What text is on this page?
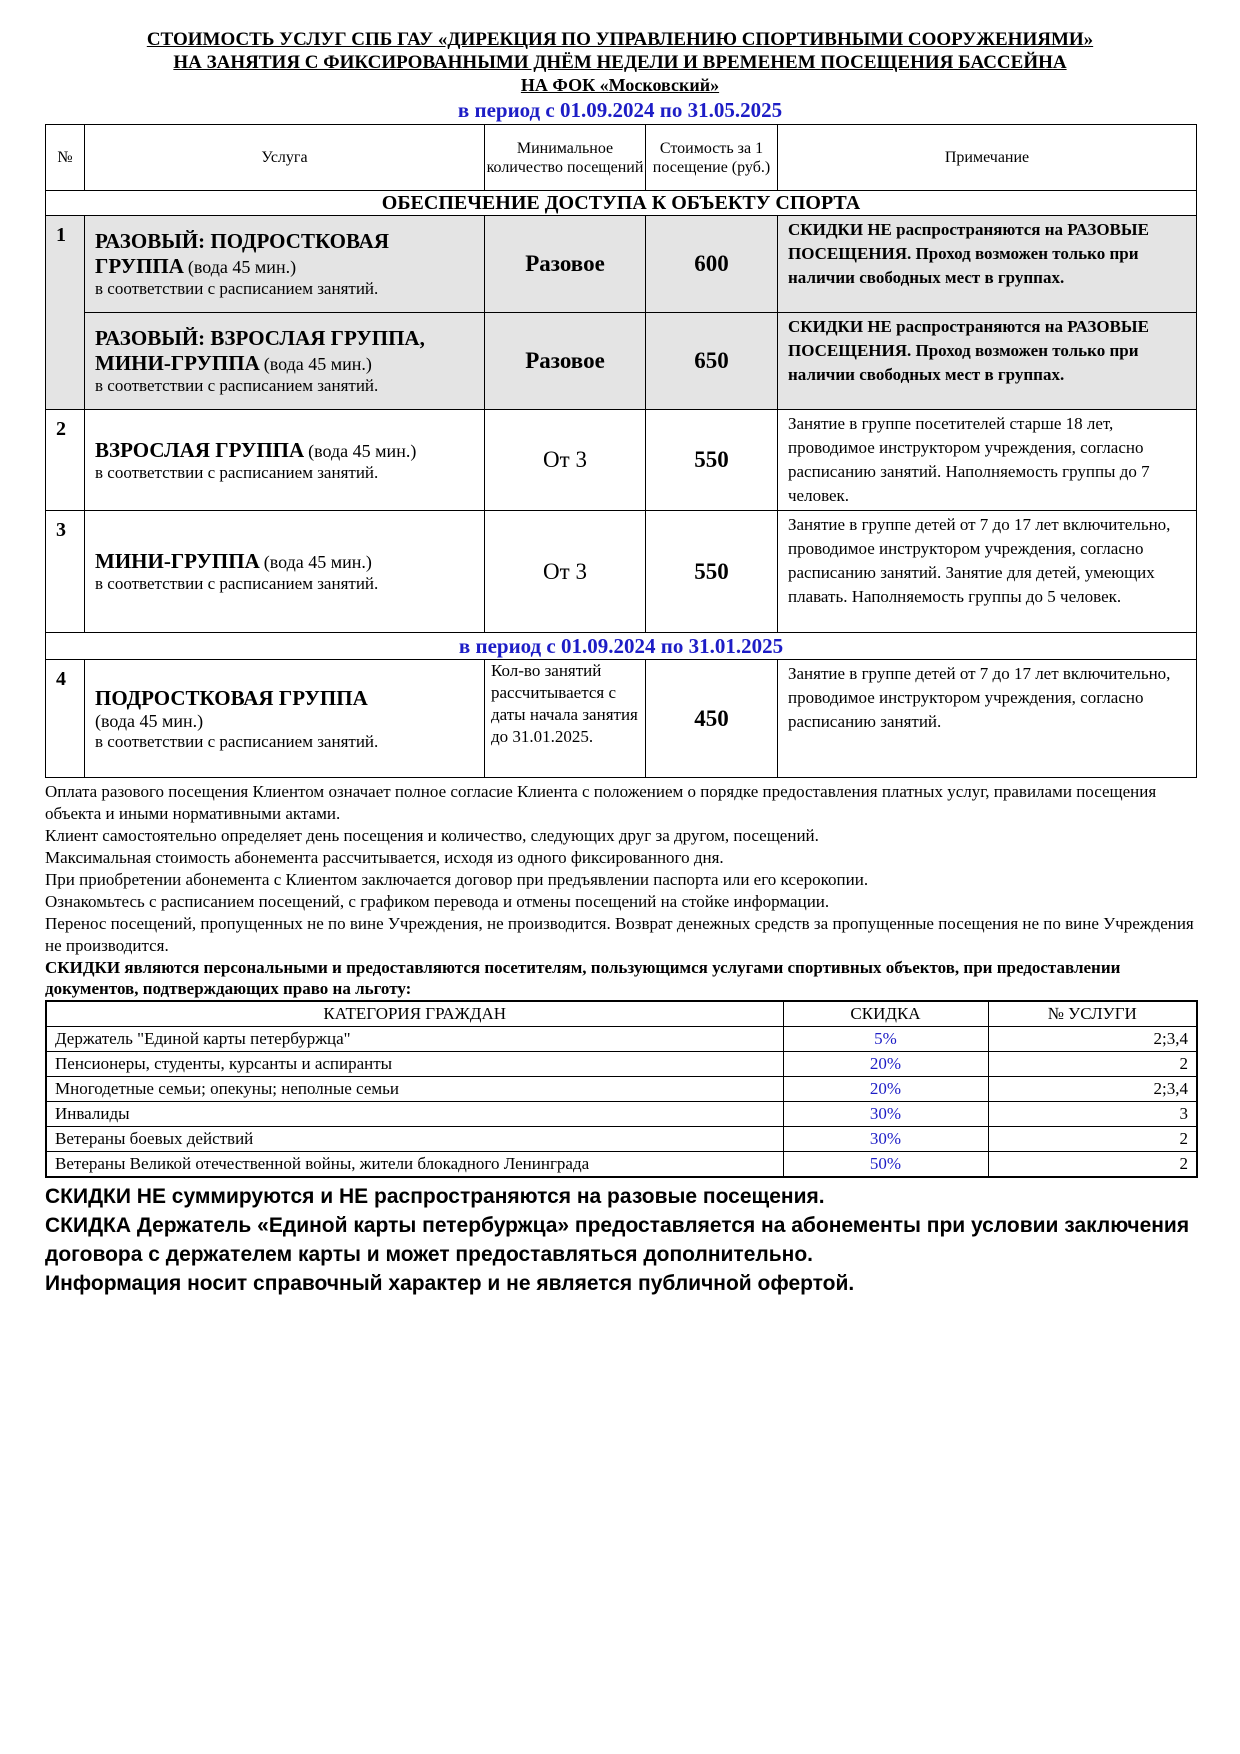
СТОИМОСТЬ УСЛУГ СПБ ГАУ «ДИРЕКЦИЯ ПО УПРАВЛЕНИЮ СПОРТИВНЫМИ СООРУЖЕНИЯМИ»

НА ЗАНЯТИЯ С ФИКСИРОВАННЫМИ ДНЁМ НЕДЕЛИ И ВРЕМЕНЕМ ПОСЕЩЕНИЯ БАССЕЙНА

НА ФОК «Московский»

в период с 01.09.2024 по 31.05.2025

№	Услуга	Минимальное количество посещений	Стоимость за 1 посещение (руб.)	Примечание
ОБЕСПЕЧЕНИЕ ДОСТУПА К ОБЪЕКТУ СПОРТА				
1	РАЗОВЫЙ: ПОДРОСТКОВАЯ ГРУППА (вода 45 мин.)
в соответствии с расписанием занятий.	Разовое	600	СКИДКИ НЕ распространяются на РАЗОВЫЕ ПОСЕЩЕНИЯ. Проход возможен только при наличии свободных мест в группах.
	РАЗОВЫЙ: ВЗРОСЛАЯ ГРУППА, МИНИ-ГРУППА (вода 45 мин.)
в соответствии с расписанием занятий.	Разовое	650	СКИДКИ НЕ распространяются на РАЗОВЫЕ ПОСЕЩЕНИЯ. Проход возможен только при наличии свободных мест в группах.
2	ВЗРОСЛАЯ ГРУППА (вода 45 мин.)
в соответствии с расписанием занятий.	От 3	550	Занятие в группе посетителей старше 18 лет, проводимое инструктором учреждения, согласно расписанию занятий. Наполняемость группы до 7 человек.
3	МИНИ-ГРУППА (вода 45 мин.)
в соответствии с расписанием занятий.	От 3	550	Занятие в группе детей от 7 до 17 лет включительно, проводимое инструктором учреждения, согласно расписанию занятий. Занятие для детей, умеющих плавать. Наполняемость группы до 5 человек.
в период с 01.09.2024 по 31.01.2025				
4	ПОДРОСТКОВАЯ ГРУППА
(вода 45 мин.)
в соответствии с расписанием занятий.	Кол-во занятий рассчитывается с даты начала занятия до 31.01.2025.	450	Занятие в группе детей от 7 до 17 лет включительно, проводимое инструктором учреждения, согласно расписанию занятий.

Оплата разового посещения Клиентом означает полное согласие Клиента с положением о порядке предоставления платных услуг, правилами посещения объекта и иными нормативными актами.

Клиент самостоятельно определяет день посещения и количество, следующих друг за другом, посещений.

Максимальная стоимость абонемента рассчитывается, исходя из одного фиксированного дня.

При приобретении абонемента с Клиентом заключается договор при предъявлении паспорта или его ксерокопии.

Ознакомьтесь с расписанием посещений, с графиком перевода и отмены посещений на стойке информации.

Перенос посещений, пропущенных не по вине Учреждения, не производится. Возврат денежных средств за пропущенные посещения не по вине Учреждения не производится.

СКИДКИ являются персональными и предоставляются посетителям, пользующимся услугами спортивных объектов, при предоставлении документов, подтверждающих право на льготу:

КАТЕГОРИЯ ГРАЖДАН	СКИДКА	№ УСЛУГИ
Держатель "Единой карты петербуржца"	5%	2;3,4
Пенсионеры, студенты, курсанты и аспиранты	20%	2
Многодетные семьи; опекуны; неполные семьи	20%	2;3,4
Инвалиды	30%	3
Ветераны боевых действий	30%	2
Ветераны Великой отечественной войны, жители блокадного Ленинграда	50%	2

СКИДКИ НЕ суммируются и НЕ распространяются на разовые посещения.

СКИДКА Держатель «Единой карты петербуржца» предоставляется на абонементы при условии заключения договора с держателем карты и может предоставляться дополнительно.

Информация носит справочный характер и не является публичной офертой.
